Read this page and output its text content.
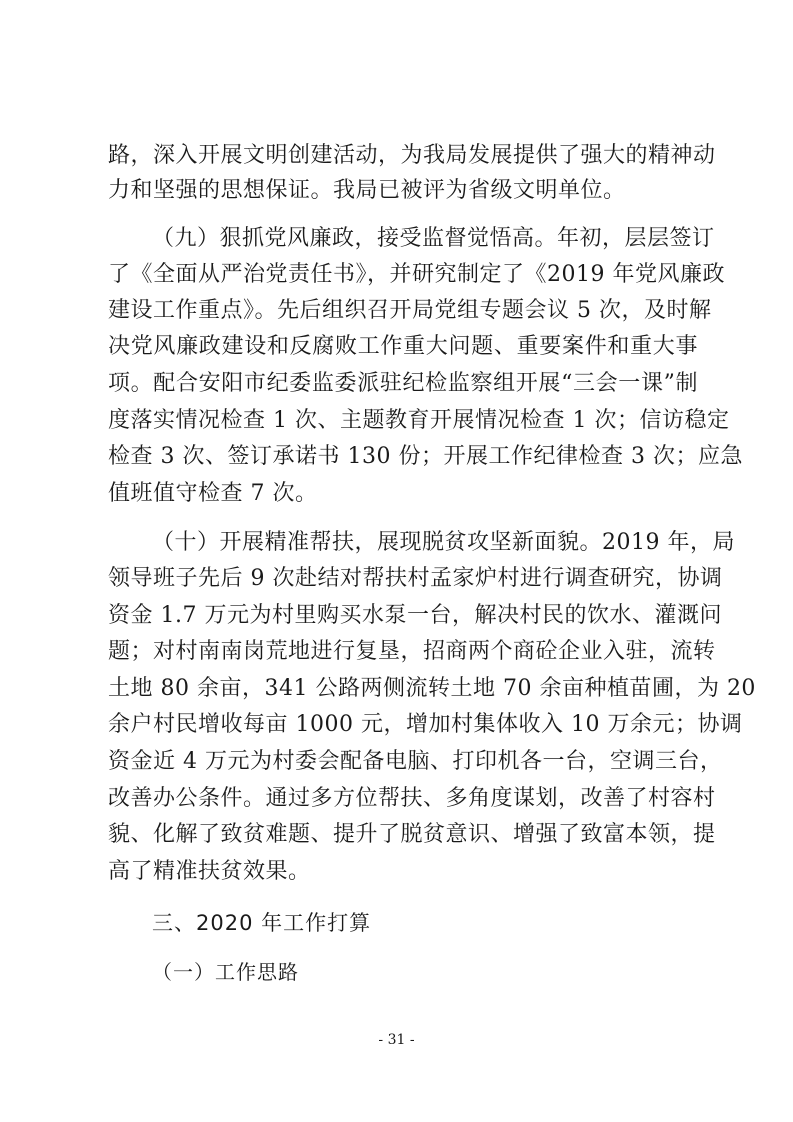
路，深入开展文明创建活动，为我局发展提供了强大的精神动
力和坚强的思想保证。我局已被评为省级文明单位。
（九）狠抓党风廉政，接受监督觉悟高。年初，层层签订
了《全面从严治党责任书》，并研究制定了《2019 年党风廉政
建设工作重点》。先后组织召开局党组专题会议 5 次，及时解
决党风廉政建设和反腐败工作重大问题、重要案件和重大事
项。配合安阳市纪委监委派驻纪检监察组开展“三会一课”制
度落实情况检查 1 次、主题教育开展情况检查 1 次；信访稳定
检查 3 次、签订承诺书 130 份；开展工作纪律检查 3 次；应急
值班值守检查 7 次。
（十）开展精准帮扶，展现脱贫攻坚新面貌。2019 年，局
领导班子先后 9 次赴结对帮扶村孟家炉村进行调查研究，协调
资金 1.7 万元为村里购买水泵一台，解决村民的饮水、灌溉问
题；对村南南岗荒地进行复垦，招商两个商砼企业入驻，流转
土地 80 余亩，341 公路两侧流转土地 70 余亩种植苗圃，为 20
余户村民增收每亩 1000 元，增加村集体收入 10 万余元；协调
资金近 4 万元为村委会配备电脑、打印机各一台，空调三台，
改善办公条件。通过多方位帮扶、多角度谋划，改善了村容村
貌、化解了致贫难题、提升了脱贫意识、增强了致富本领，提
高了精准扶贫效果。
三、2020 年工作打算
（一）工作思路
- 31 -
